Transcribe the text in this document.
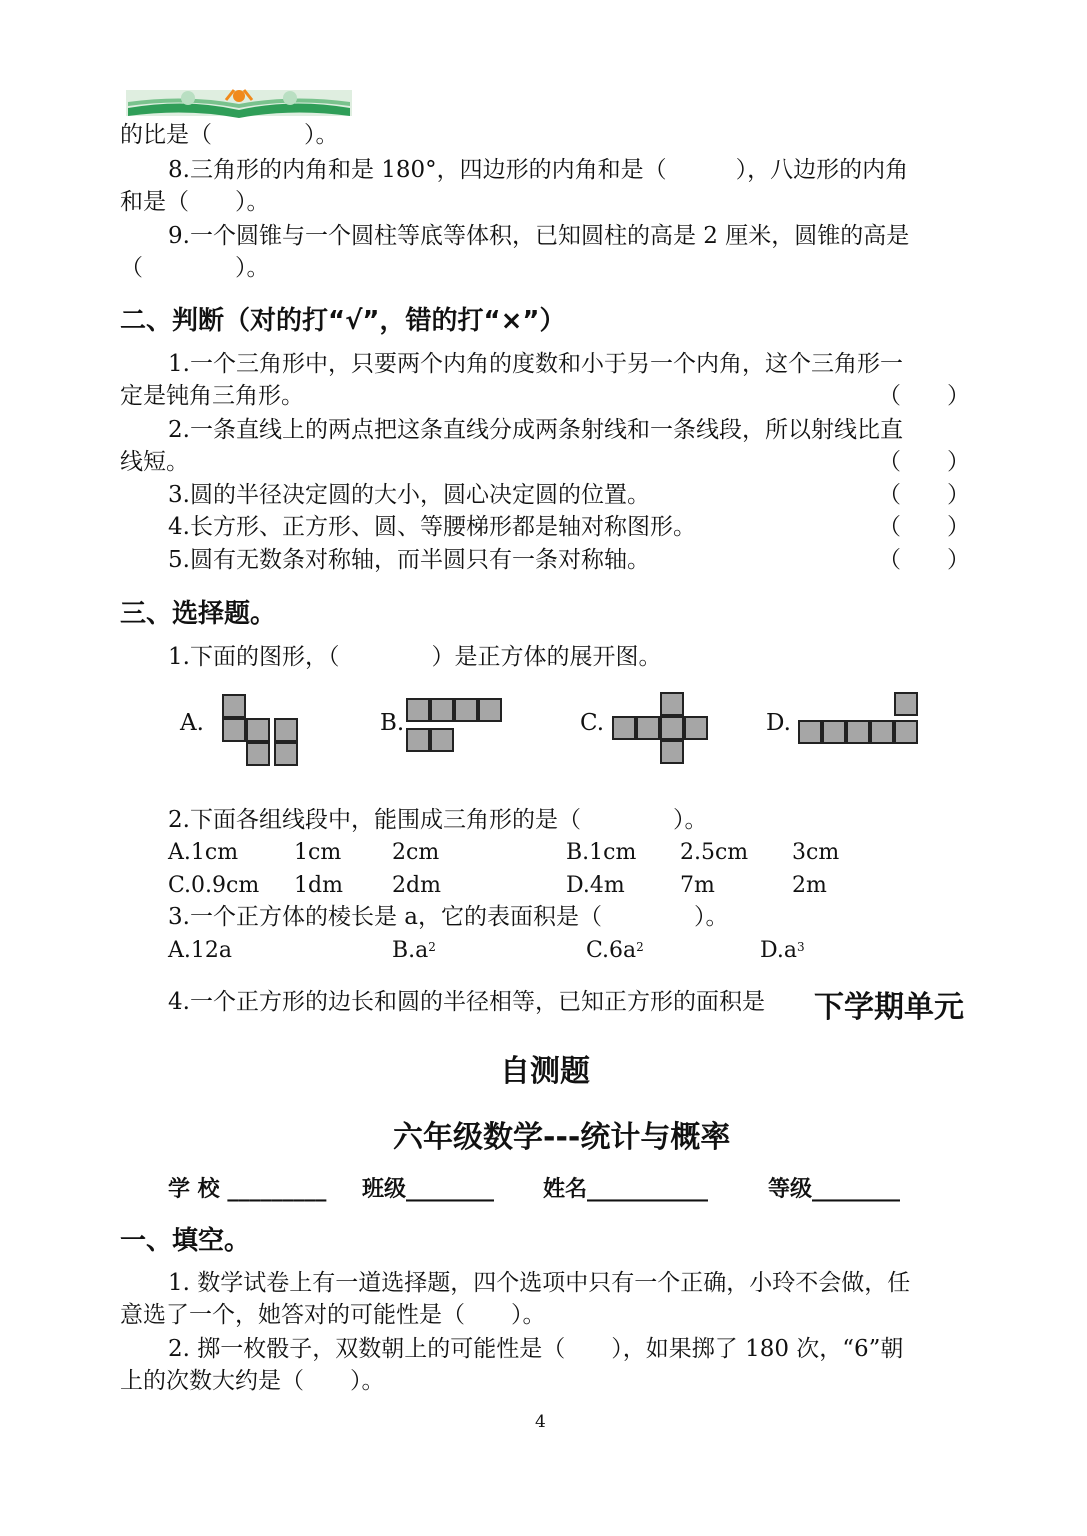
的比是（　　　　）。
8.三角形的内角和是 180°，四边形的内角和是（　　　），八边形的内角
和是（　　）。
9.一个圆锥与一个圆柱等底等体积，已知圆柱的高是 2 厘米，圆锥的高是
（　　　　）。
二、判断（对的打“√”，错的打“×”）
1.一个三角形中，只要两个内角的度数和小于另一个内角，这个三角形一
定是钝角三角形。	（　　）
2.一条直线上的两点把这条直线分成两条射线和一条线段，所以射线比直
线短。	（　　）
3.圆的半径决定圆的大小，圆心决定圆的位置。	（　　）
4.长方形、正方形、圆、等腰梯形都是轴对称图形。	（　　）
5.圆有无数条对称轴，而半圆只有一条对称轴。	（　　）
三、选择题。
1.下面的图形，（　　　　）是正方体的展开图。
A.	B.	C.	D.
2.下面各组线段中，能围成三角形的是（　　　　）。
A.1cm	1cm 2cm	B.1cm 2.5cm 3cm
C.0.9cm 1dm 2dm	D.4m	7m	2m
3.一个正方体的棱长是 a，它的表面积是（　　　　）。
A.12a	$B.a^2$	$C.6a^2$	$D.a^3$
4.一个正方形的边长和圆的半径相等，已知正方形的面积是 下学期单元
自测题
六年级数学---统计与概率
学 校 _________ 班级________ 姓名___________	等级________
一、填空。
1. 数学试卷上有一道选择题，四个选项中只有一个正确，小玲不会做，任
意选了一个，她答对的可能性是（　　）。
2. 掷一枚骰子，双数朝上的可能性是（　　），如果掷了 180 次，“6”朝
上的次数大约是（　　）。
4
